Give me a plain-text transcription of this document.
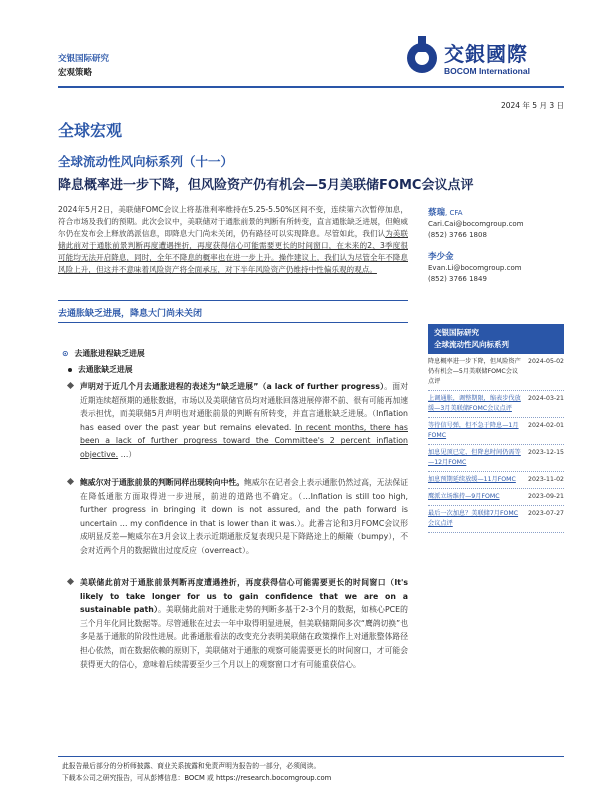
交银国际研究
宏观策略
交銀國際
BOCOM International
2024 年 5 月 3 日
全球宏观
全球流动性风向标系列（十一）
降息概率进一步下降，但风险资产仍有机会—5月美联储FOMC会议点评
2024年5月2日，美联储FOMC会议上将基准利率维持在5.25-5.50%区间不变，连续第六次暂停加息，符合市场及我们的预期。此次会议中，美联储对于通胀前景的判断有所转变，直言通胀缺乏进展，但鲍威尔仍在发布会上释放鸽派信息，即降息大门尚未关闭，仍有路径可以实现降息。尽管如此，我们认为美联储此前对于通胀前景判断再度遭遇挫折，再度获得信心可能需要更长的时间窗口，在未来的2、3季度很可能均无法开启降息，同时，全年不降息的概率也在进一步上升。操作建议上，我们认为尽管全年不降息风险上升，但这并不意味着风险资产将全面承压，对下半年风险资产仍维持中性偏乐观的观点。
蔡瑞, CFA
Cari.Cai@bocomgroup.com
(852) 3766 1808
李少金
Evan.Li@bocomgroup.com
(852) 3766 1849
去通胀缺乏进展，降息大门尚未关闭
⊙ 去通胀进程缺乏进展
去通胀缺乏进展
声明对于近几个月去通胀进程的表述为“缺乏进展”（a lack of further progress）。面对近期连续超预期的通胀数据，市场以及美联储官员均对通胀回落进展停滞不前、很有可能再加速表示担忧，而美联储5月声明也对通胀前景的判断有所转变，并直言通胀缺乏进展。（Inflation has eased over the past year but remains elevated. In recent months, there has been a lack of further progress toward the Committee's 2 percent inflation objective. …）
鲍威尔对于通胀前景的判断同样出现转向中性。鲍威尔在记者会上表示通胀仍然过高，无法保证在降低通胀方面取得进一步进展，前进的道路也不确定。（…Inflation is still too high, further progress in bringing it down is not assured, and the path forward is uncertain … my confidence in that is lower than it was.）。此番言论和3月FOMC会议形成明显反差—鲍威尔在3月会议上表示近期通胀反复表现只是下降路途上的颠簸（bumpy），不会对近两个月的数据做出过度反应（overreact）。
美联储此前对于通胀前景判断再度遭遇挫折，再度获得信心可能需要更长的时间窗口（It's likely to take longer for us to gain confidence that we are on a sustainable path）。美联储此前对于通胀走势的判断多基于2-3个月的数据，如核心PCE的三个月年化同比数据等。尽管通胀在过去一年中取得明显进展，但美联储期间多次“鹰鸽切换”也多是基于通胀的阶段性进展。此番通胀看法的改变充分表明美联储在政策操作上对通胀整体路径担心依然，而在数据依赖的原则下，美联储对于通胀的观察可能需要更长的时间窗口，才可能会获得更大的信心，意味着后续需要至少三个月以上的观察窗口才有可能重获信心。
交银国际研究
全球流动性风向标系列
降息概率进一步下降，但风险资产仍有机会—5月美联储FOMC会议点评
2024-05-02
上调通胀，调整期限，缩表步伐放缓—3月美联储FOMC会议点评
2024-03-21
等待信号弹，但不急于降息—1月FOMC
2024-02-01
加息见顶已定，但降息时间仍需等—12月FOMC
2023-12-15
加息预期延续放缓—11月FOMC	2023-11-02
鹰派立场维持—9月FOMC	2023-09-21
最后一次加息？美联储7月FOMC会议点评
2023-07-27
此报告最后部分的分析师披露、商业关系披露和免责声明为报告的一部分，必须阅读。
下载本公司之研究报告，可从彭博信息：BOCM 或 https://research.bocomgroup.com
